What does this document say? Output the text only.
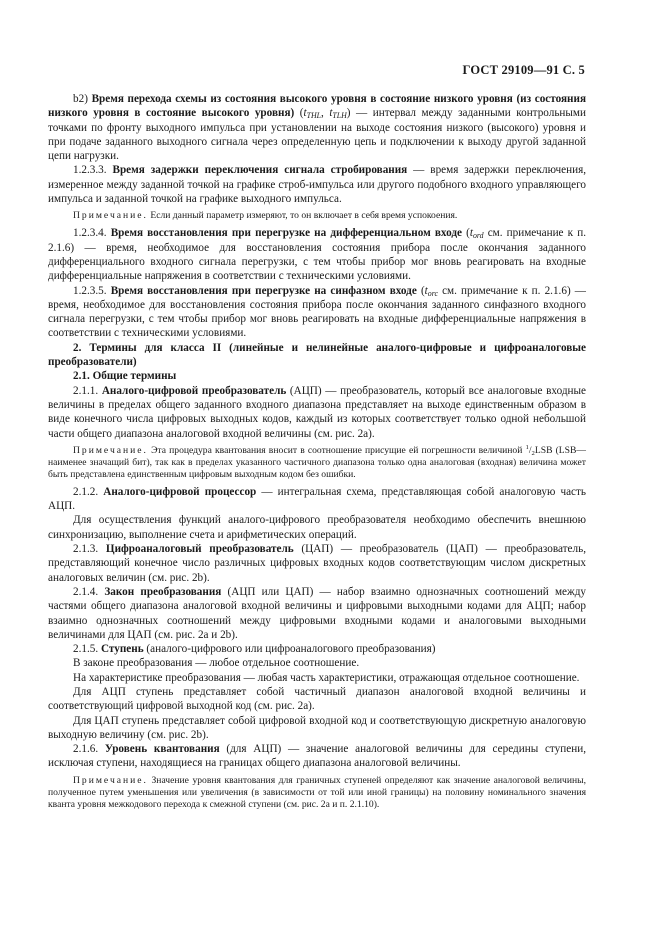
ГОСТ 29109—91 С. 5

b2) Время перехода схемы из состояния высокого уровня в состояние низкого уровня (из состояния низкого уровня в состояние высокого уровня) ($t_{THL}$, $t_{TLH}$) — интервал между заданными контрольными точками по фронту выходного импульса при установлении на выходе состояния низкого (высокого) уровня и при подаче заданного выходного сигнала через определенную цепь и подключении к выходу другой заданной цепи нагрузки.

1.2.3.3. Время задержки переключения сигнала стробирования — время задержки переключения, измеренное между заданной точкой на графике строб-импульса или другого подобного входного управляющего импульса и заданной точкой на графике выходного импульса.

Примечание. Если данный параметр измеряют, то он включает в себя время успокоения.

1.2.3.4. Время восстановления при перегрузке на дифференциальном входе ($t_{ord}$ см. примечание к п. 2.1.6) — время, необходимое для восстановления состояния прибора после окончания заданного дифференциального входного сигнала перегрузки, с тем чтобы прибор мог вновь реагировать на входные дифференциальные напряжения в соответствии с техническими условиями.

1.2.3.5. Время восстановления при перегрузке на синфазном входе ($t_{orc}$ см. примечание к п. 2.1.6) — время, необходимое для восстановления состояния прибора после окончания заданного синфазного входного сигнала перегрузки, с тем чтобы прибор мог вновь реагировать на входные дифференциальные напряжения в соответствии с техническими условиями.

2. Термины для класса II (линейные и нелинейные аналого-цифровые и цифроаналоговые преобразователи)

2.1. Общие термины

2.1.1. Аналого-цифровой преобразователь (АЦП) — преобразователь, который все аналоговые входные величины в пределах общего заданного входного диапазона представляет на выходе единственным образом в виде конечного числа цифровых выходных кодов, каждый из которых соответствует только одной небольшой части общего диапазона аналоговой входной величины (см. рис. 2a).

Примечание. Эта процедура квантования вносит в соотношение присущие ей погрешности величиной $^1/_2LSB$ (LSB— наименее значащий бит), так как в пределах указанного частичного диапазона только одна аналоговая (входная) величина может быть представлена единственным цифровым выходным кодом без ошибки.

2.1.2. Аналого-цифровой процессор — интегральная схема, представляющая собой аналоговую часть АЦП.

Для осуществления функций аналого-цифрового преобразователя необходимо обеспечить внешнюю синхронизацию, выполнение счета и арифметических операций.

2.1.3. Цифроаналоговый преобразователь (ЦАП) — преобразователь (ЦАП) — преобразователь, представляющий конечное число различных цифровых входных кодов соответствующим числом дискретных аналоговых величин (см. рис. 2b).

2.1.4. Закон преобразования (АЦП или ЦАП) — набор взаимно однозначных соотношений между частями общего диапазона аналоговой входной величины и цифровыми выходными кодами для АЦП; набор взаимно однозначных соотношений между цифровыми входными кодами и аналоговыми выходными величинами для ЦАП (см. рис. 2a и 2b).

2.1.5. Ступень (аналого-цифрового или цифроаналогового преобразования)

В законе преобразования — любое отдельное соотношение.

На характеристике преобразования — любая часть характеристики, отражающая отдельное соотношение.

Для АЦП ступень представляет собой частичный диапазон аналоговой входной величины и соответствующий цифровой выходной код (см. рис. 2a).

Для ЦАП ступень представляет собой цифровой входной код и соответствующую дискретную аналоговую выходную величину (см. рис. 2b).

2.1.6. Уровень квантования (для АЦП) — значение аналоговой величины для середины ступени, исключая ступени, находящиеся на границах общего диапазона аналоговой величины.

Примечание. Значение уровня квантования для граничных ступеней определяют как значение аналоговой величины, полученное путем уменьшения или увеличения (в зависимости от той или иной границы) на половину номинального значения кванта уровня межкодового перехода к смежной ступени (см. рис. 2a и п. 2.1.10).
